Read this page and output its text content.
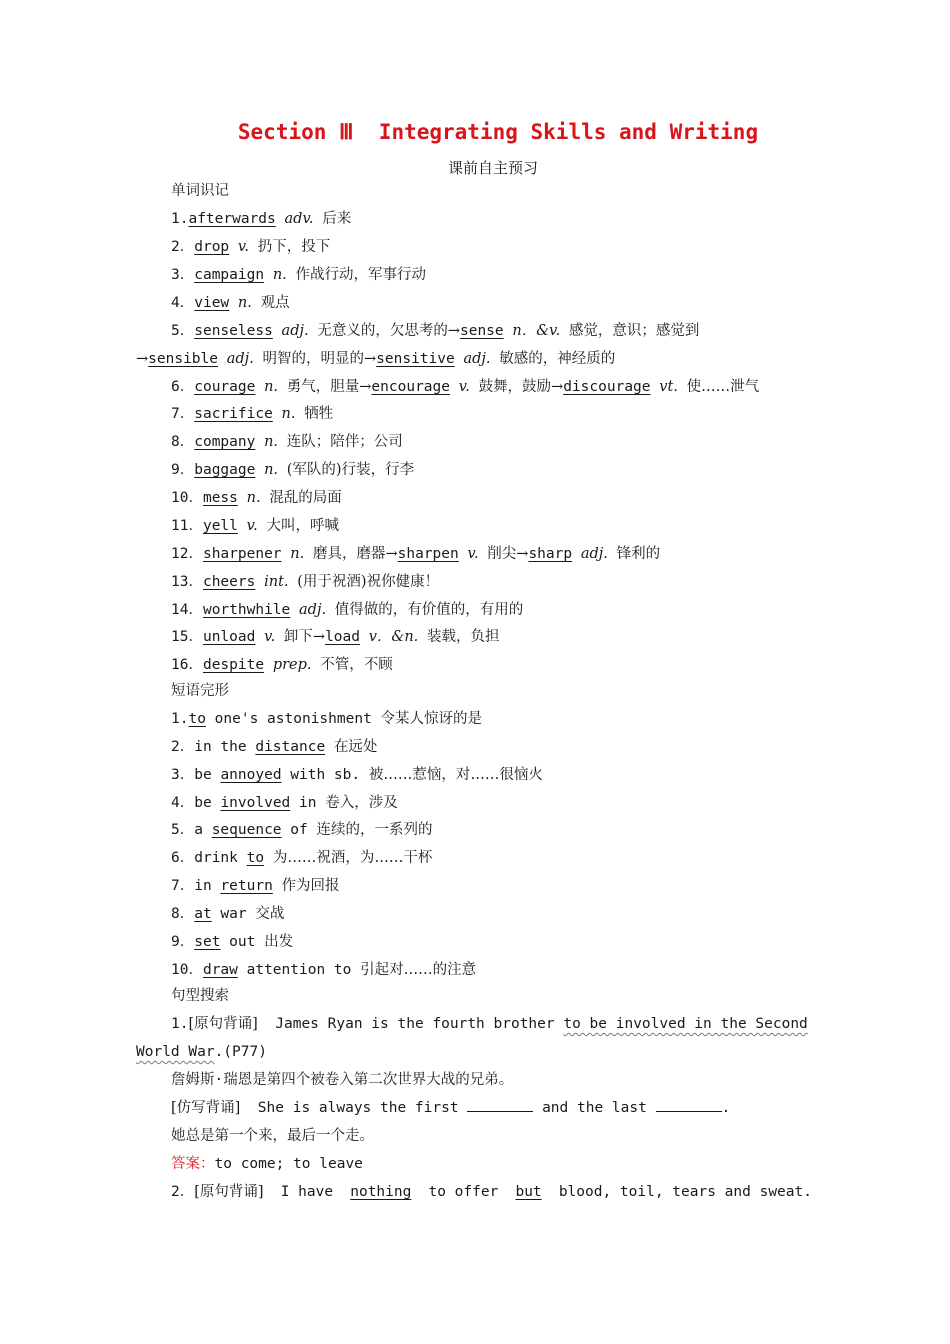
Section Ⅲ  Integrating Skills and Writing
课前自主预习
单词识记
1.afterwards adv. 后来
2．drop v. 扔下，投下
3．campaign n. 作战行动，军事行动
4．view n. 观点
5．senseless adj. 无意义的，欠思考的→sense n．&v. 感觉，意识；感觉到
→sensible adj. 明智的，明显的→sensitive adj. 敏感的，神经质的
6．courage n. 勇气，胆量→encourage v. 鼓舞，鼓励→discourage vt. 使……泄气
7．sacrifice n. 牺牲
8．company n. 连队；陪伴；公司
9．baggage n. (军队的)行装，行李
10．mess n. 混乱的局面
11．yell v. 大叫，呼喊
12．sharpener n. 磨具，磨器→sharpen v. 削尖→sharp adj. 锋利的
13．cheers int. (用于祝酒)祝你健康！
14．worthwhile adj. 值得做的，有价值的，有用的
15．unload v. 卸下→load v．&n. 装载，负担
16．despite prep. 不管，不顾
短语完形
1.to one's astonishment 令某人惊讶的是
2．in the distance 在远处
3．be annoyed with sb. 被……惹恼，对……很恼火
4．be involved in 卷入，涉及
5．a sequence of 连续的，一系列的
6．drink to 为……祝酒，为……干杯
7．in return 作为回报
8．at war 交战
9．set out 出发
10．draw attention to 引起对……的注意
句型搜索
1.[原句背诵] James Ryan is the fourth brother to be involved in the Second
World War.(P77)
詹姆斯·瑞恩是第四个被卷入第二次世界大战的兄弟。
[仿写背诵] She is always the first	and the last	.
她总是第一个来，最后一个走。
答案：to come; to leave
2．[原句背诵] I have nothing to offer but blood, toil, tears and sweat.
